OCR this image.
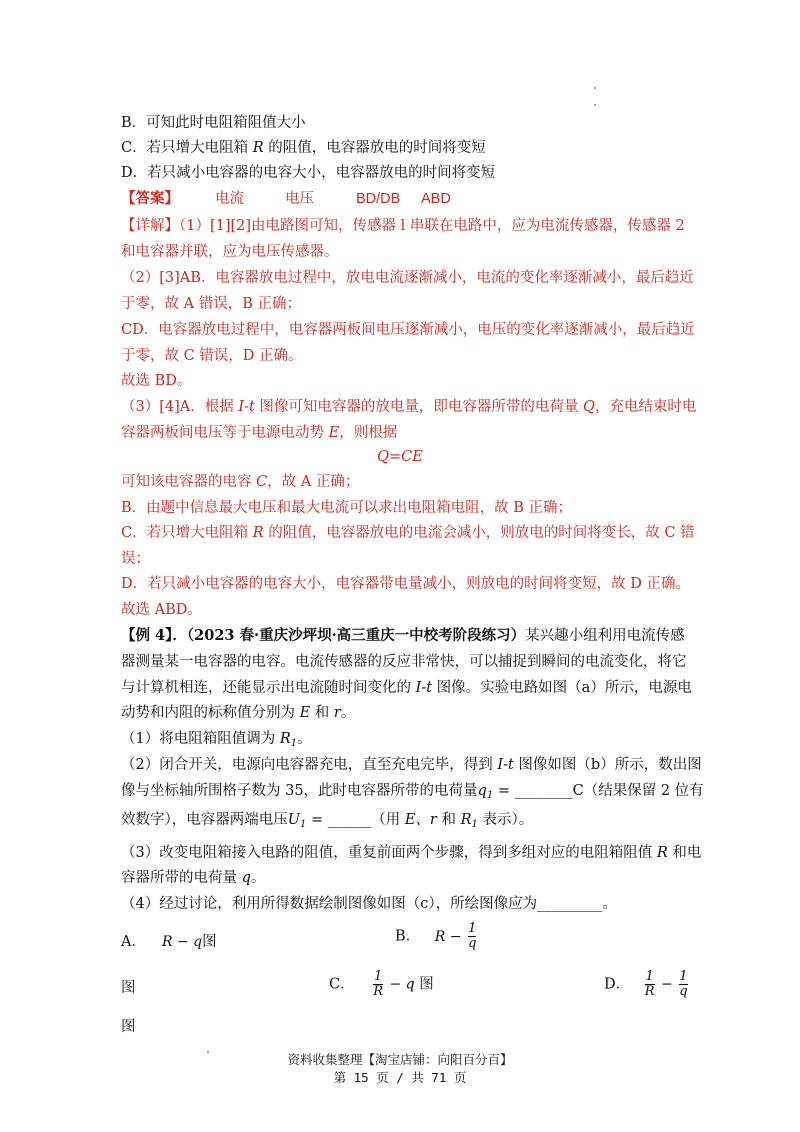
B．可知此时电阻箱阻值大小
C．若只增大电阻箱 R 的阻值，电容器放电的时间将变短
D．若只减小电容器的电容大小，电容器放电的时间将变短
【答案】 电流	电压	BD/DB ABD
【详解】（1）[1][2]由电路图可知，传感器 l 串联在电路中，应为电流传感器，传感器 2
和电容器并联，应为电压传感器。
（2）[3]AB．电容器放电过程中，放电电流逐渐减小，电流的变化率逐渐减小，最后趋近
于零，故 A 错误，B 正确；
CD．电容器放电过程中，电容器两板间电压逐渐减小，电压的变化率逐渐减小，最后趋近
于零，故 C 错误，D 正确。
故选 BD。
（3）[4]A．根据 I-t 图像可知电容器的放电量，即电容器所带的电荷量 Q，充电结束时电
容器两板间电压等于电源电动势 E，则根据
Q=CE
可知该电容器的电容 C，故 A 正确；
B．由题中信息最大电压和最大电流可以求出电阻箱电阻，故 B 正确；
C．若只增大电阻箱 R 的阻值，电容器放电的电流会减小，则放电的时间将变长，故 C 错
误；
D．若只减小电容器的电容大小，电容器带电量减小，则放电的时间将变短，故 D 正确。
故选 ABD。
【例 4】．（2023 春·重庆沙坪坝·高三重庆一中校考阶段练习）某兴趣小组利用电流传感
器测量某一电容器的电容。电流传感器的反应非常快，可以捕捉到瞬间的电流变化，将它
与计算机相连，还能显示出电流随时间变化的 I-t 图像。实验电路如图（a）所示，电源电
动势和内阻的标称值分别为 E 和 r。
（1）将电阻箱阻值调为 $R_1$。
（2）闭合开关，电源向电容器充电，直至充电完毕，得到 I-t 图像如图（b）所示，数出图
像与坐标轴所围格子数为 35，此时电容器所带的电荷量$q_1$ = ________C（结果保留 2 位有
效数字），电容器两端电压$U_1$ = ______（用 E、r 和 $R_1$ 表示）。
（3）改变电阻箱接入电路的阻值，重复前面两个步骤，得到多组对应的电阻箱阻值 R 和电
容器所带的电荷量 q。
（4）经过讨论，利用所得数据绘制图像如图（c），所绘图像应为_________。
A． R − q图	B． $R - \frac{1}{q}$
图	C． $\frac{1}{R} - q$ 图	D． $\frac{1}{R} - \frac{1}{q}$
图
资料收集整理【淘宝店铺：向阳百分百】
第 15 页 / 共 71 页
